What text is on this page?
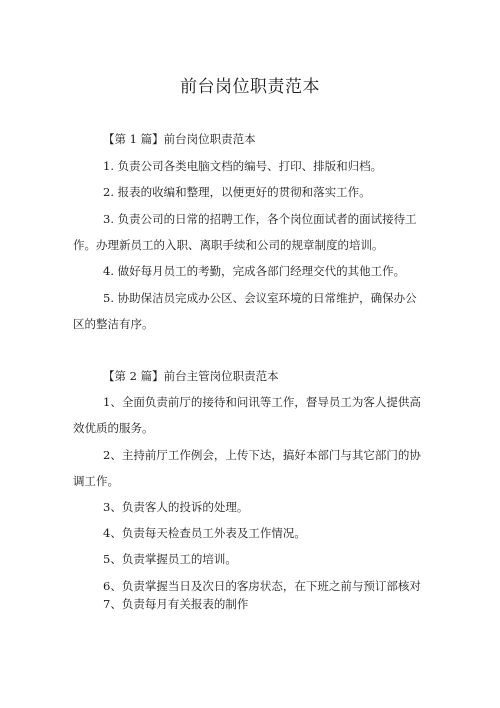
前台岗位职责范本
【第 1 篇】前台岗位职责范本
1. 负责公司各类电脑文档的编号、打印、排版和归档。
2. 报表的收编和整理，以便更好的贯彻和落实工作。
3. 负责公司的日常的招聘工作，各个岗位面试者的面试接待工
作。办理新员工的入职、离职手续和公司的规章制度的培训。
4. 做好每月员工的考勤，完成各部门经理交代的其他工作。
5. 协助保洁员完成办公区、会议室环境的日常维护，确保办公
区的整洁有序。
【第 2 篇】前台主管岗位职责范本
1、全面负责前厅的接待和问讯等工作，督导员工为客人提供高
效优质的服务。
2、主持前厅工作例会，上传下达，搞好本部门与其它部门的协
调工作。
3、负责客人的投诉的处理。
4、负责每天检查员工外表及工作情况。
5、负责掌握员工的培训。
6、负责掌握当日及次日的客房状态，在下班之前与预订部核对
7、负责每月有关报表的制作
